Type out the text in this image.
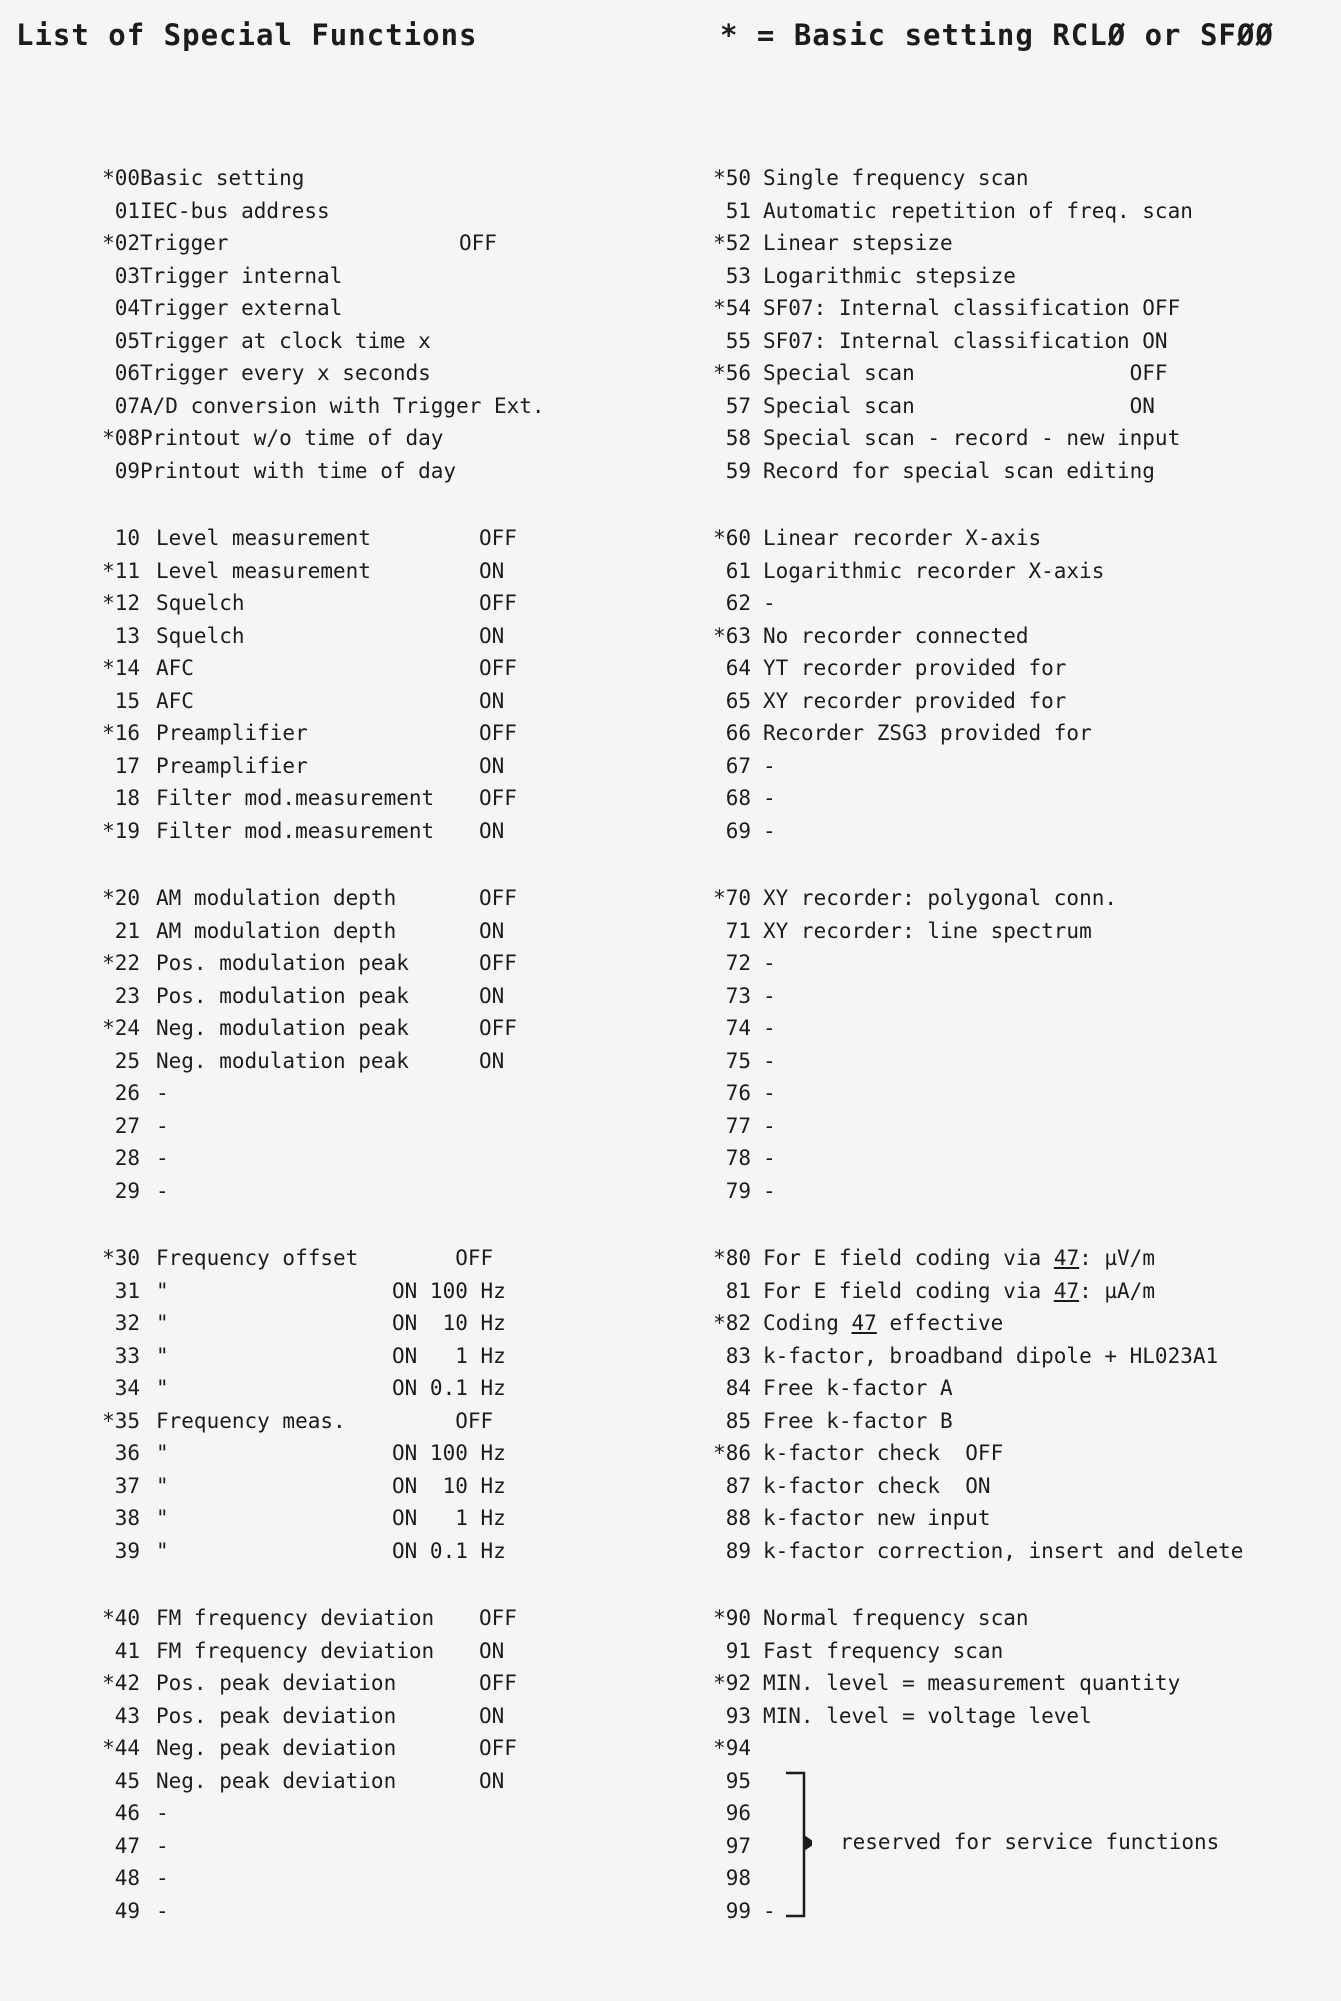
List of Special Functions	* = Basic setting RCLØ or SFØØ
*00 Basic setting
01 IEC-bus address
*02 Trigger	OFF
03 Trigger internal
04 Trigger external
05 Trigger at clock time x
06 Trigger every x seconds
07 A/D conversion with Trigger Ext.
*08 Printout w/o time of day
09 Printout with time of day
10 Level measurement	OFF
*11 Level measurement	ON
*12 Squelch	OFF
13 Squelch	ON
*14 AFC	OFF
15 AFC	ON
*16 Preamplifier	OFF
17 Preamplifier	ON
18 Filter mod.measurement OFF
*19 Filter mod.measurement ON
*20 AM modulation depth	OFF
21 AM modulation depth	ON
*22 Pos. modulation peak	OFF
23 Pos. modulation peak	ON
*24 Neg. modulation peak	OFF
25 Neg. modulation peak	ON
26 -
27 -
28 -
29 -
*30 Frequency offset OFF
31 "	ON 100 Hz
32 "	ON  10 Hz
33 "	ON   1 Hz
34 "	ON 0.1 Hz
*35 Frequency meas. OFF
36 "	ON 100 Hz
37 "	ON  10 Hz
38 "	ON   1 Hz
39 "	ON 0.1 Hz
*40 FM frequency deviation OFF
41 FM frequency deviation ON
*42 Pos. peak deviation	OFF
43 Pos. peak deviation	ON
*44 Neg. peak deviation	OFF
45 Neg. peak deviation	ON
46 -
47 -
48 -
49 -
*50 Single frequency scan
51 Automatic repetition of freq. scan
*52 Linear stepsize
53 Logarithmic stepsize
*54 SF07: Internal classification OFF
55 SF07: Internal classification ON
*56 Special scan                 OFF
57 Special scan                 ON
58 Special scan - record - new input
59 Record for special scan editing
*60 Linear recorder X-axis
61 Logarithmic recorder X-axis
62 -
*63 No recorder connected
64 YT recorder provided for
65 XY recorder provided for
66 Recorder ZSG3 provided for
67 -
68 -
69 -
*70 XY recorder: polygonal conn.
71 XY recorder: line spectrum
72 -
73 -
74 -
75 -
76 -
77 -
78 -
79 -
*80 For E field coding via 47: µV/m
81 For E field coding via 47: µA/m
*82 Coding 47 effective
83 k-factor, broadband dipole + HL023A1
84 Free k-factor A
85 Free k-factor B
*86 k-factor check  OFF
87 k-factor check  ON
88 k-factor new input
89 k-factor correction, insert and delete
*90 Normal frequency scan
91 Fast frequency scan
*92 MIN. level = measurement quantity
93 MIN. level = voltage level
*94
95
96
97
98
99 -
reserved for service functions
